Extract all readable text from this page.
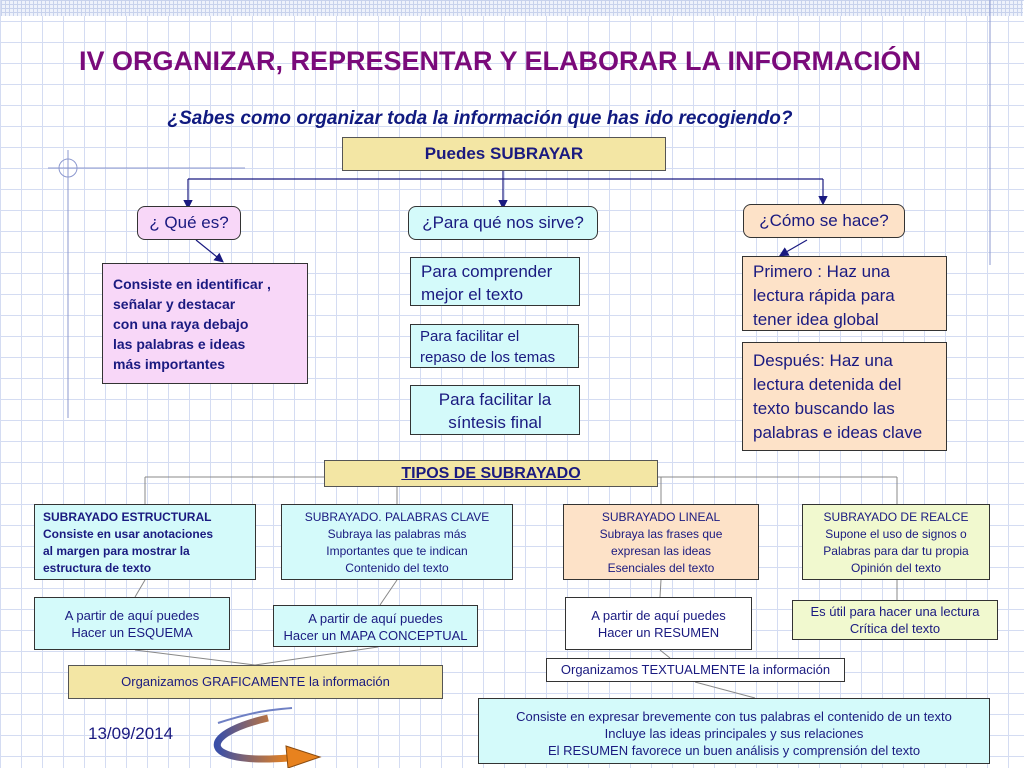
IV ORGANIZAR, REPRESENTAR Y ELABORAR LA INFORMACIÓN
¿Sabes como organizar toda la información que has ido recogiendo?
Puedes SUBRAYAR
¿ Qué es?	¿Para qué nos sirve?	¿Cómo se hace?
Consiste en identificar ,
señalar y destacar
con una raya debajo
las palabras e ideas
más importantes
Para comprender
mejor el texto
Para facilitar el
repaso de los temas
Para facilitar la
síntesis final
Primero : Haz una
lectura rápida para
tener idea global
Después: Haz una
lectura detenida del
texto buscando las
palabras e ideas clave
TIPOS DE SUBRAYADO
SUBRAYADO ESTRUCTURAL
Consiste en usar anotaciones
al margen para mostrar la
estructura de texto
SUBRAYADO. PALABRAS CLAVE
Subraya las palabras más
Importantes que te indican
Contenido del texto
SUBRAYADO LINEAL
Subraya las frases que
expresan las ideas
Esenciales del texto
SUBRAYADO DE REALCE
Supone el uso de signos o
Palabras para dar tu propia
Opinión del texto
A partir de aquí puedes
Hacer un ESQUEMA
A partir de aquí puedes
Hacer un MAPA CONCEPTUAL
A partir de aquí puedes
Hacer un RESUMEN
Es útil para hacer una lectura
Crítica del texto
Organizamos GRAFICAMENTE la información
Organizamos TEXTUALMENTE la información
Consiste en expresar brevemente con tus palabras el contenido de un texto
Incluye las ideas principales y sus relaciones
El RESUMEN favorece un buen análisis y comprensión del texto
13/09/2014
